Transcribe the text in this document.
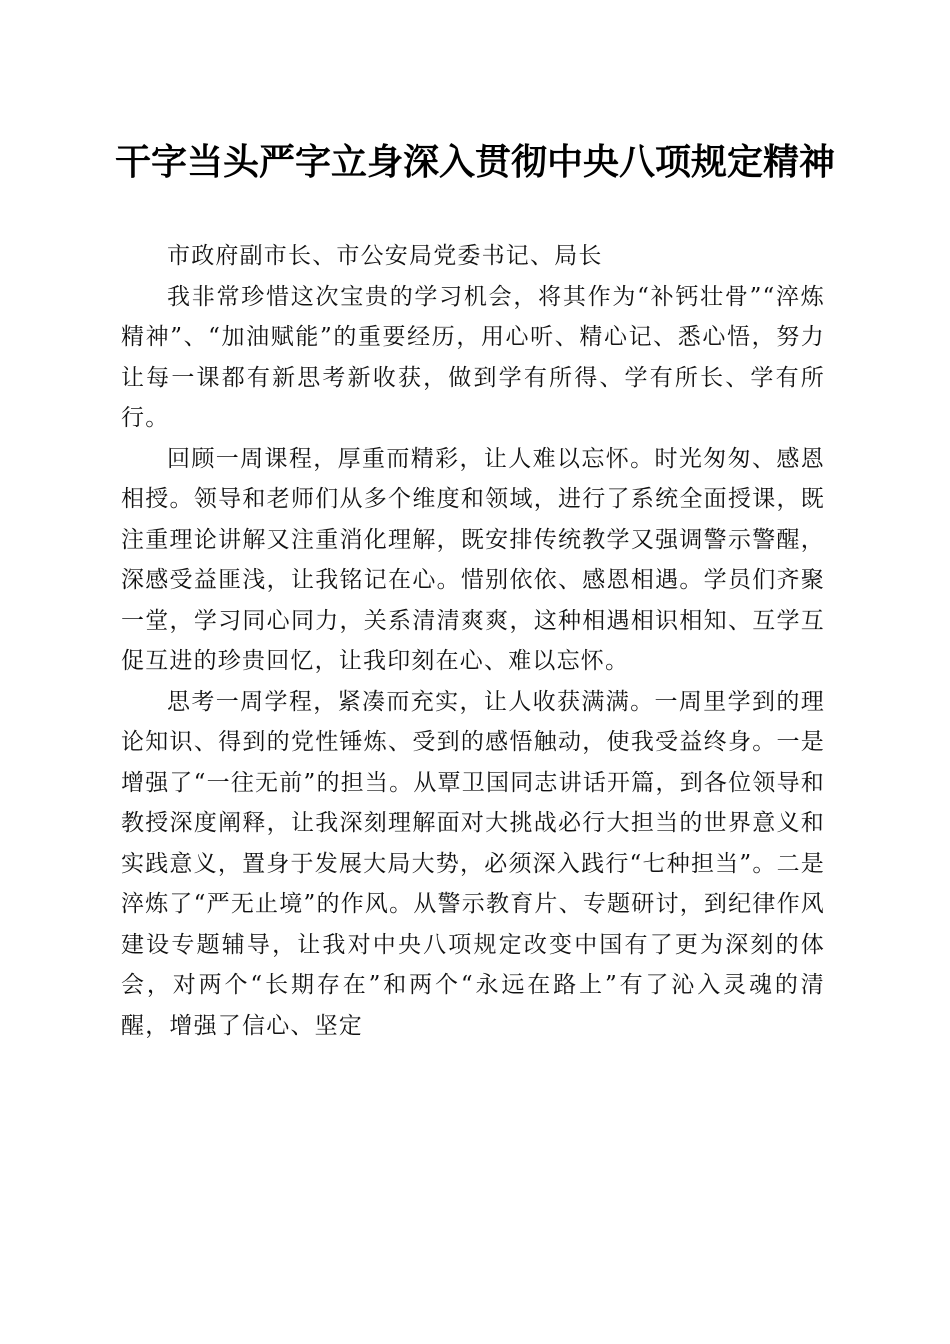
干字当头严字立身深入贯彻中央八项规定精神

市政府副市长、市公安局党委书记、局长

我非常珍惜这次宝贵的学习机会，将其作为“补钙壮骨”“淬炼精神”、“加油赋能”的重要经历，用心听、精心记、悉心悟，努力让每一课都有新思考新收获，做到学有所得、学有所长、学有所行。

回顾一周课程，厚重而精彩，让人难以忘怀。时光匆匆、感恩相授。领导和老师们从多个维度和领域，进行了系统全面授课，既注重理论讲解又注重消化理解，既安排传统教学又强调警示警醒，深感受益匪浅，让我铭记在心。惜别依依、感恩相遇。学员们齐聚一堂，学习同心同力，关系清清爽爽，这种相遇相识相知、互学互促互进的珍贵回忆，让我印刻在心、难以忘怀。

思考一周学程，紧凑而充实，让人收获满满。一周里学到的理论知识、得到的党性锤炼、受到的感悟触动，使我受益终身。一是增强了“一往无前”的担当。从覃卫国同志讲话开篇，到各位领导和教授深度阐释，让我深刻理解面对大挑战必行大担当的世界意义和实践意义，置身于发展大局大势，必须深入践行“七种担当”。二是淬炼了“严无止境”的作风。从警示教育片、专题研讨，到纪律作风建设专题辅导，让我对中央八项规定改变中国有了更为深刻的体会，对两个“长期存在”和两个“永远在路上”有了沁入灵魂的清醒，增强了信心、坚定
